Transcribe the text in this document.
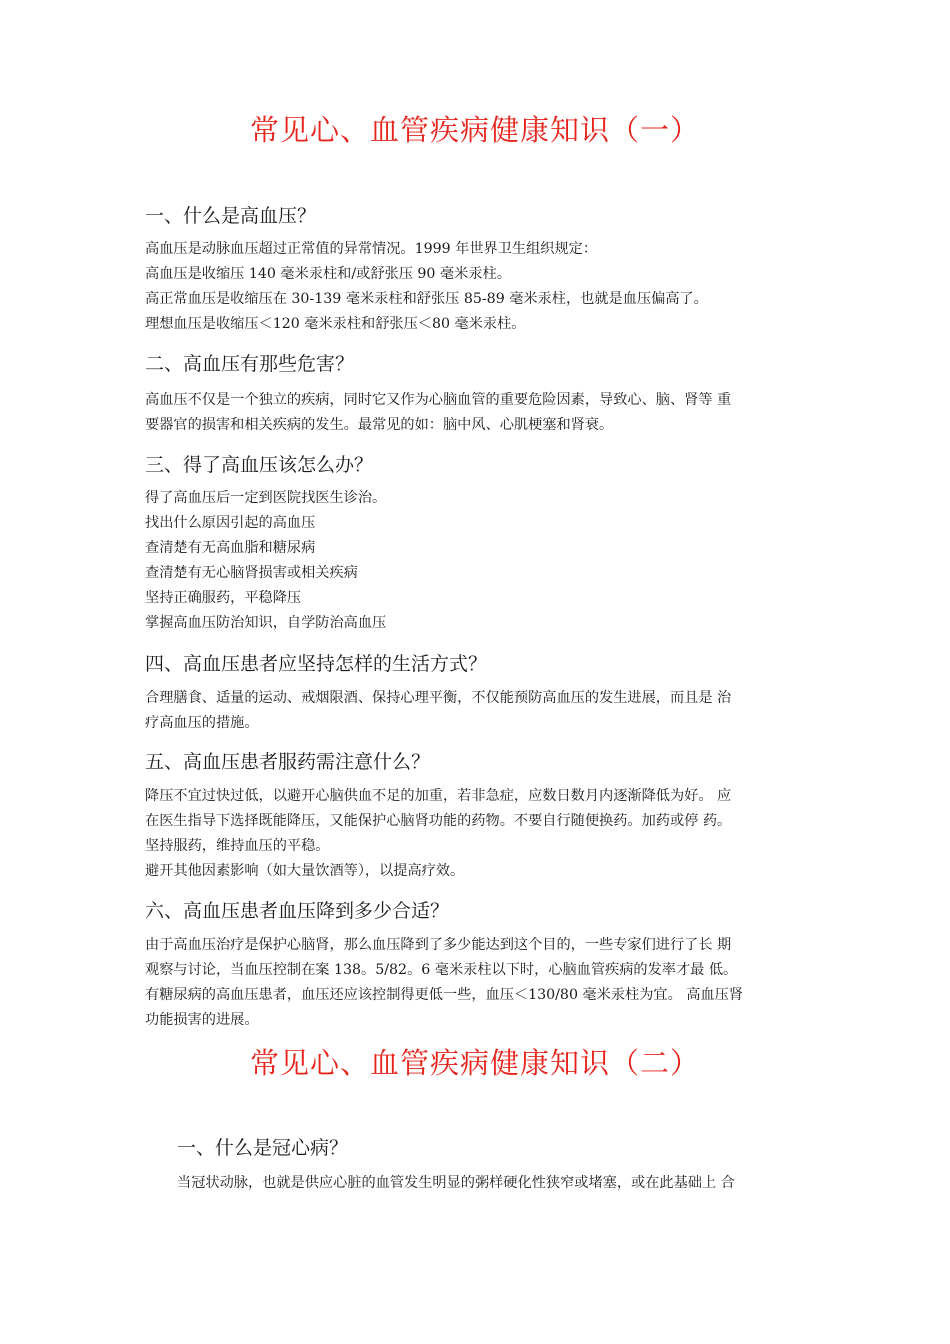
常见心、血管疾病健康知识（一）
一、什么是高血压？
高血压是动脉血压超过正常值的异常情况。1999 年世界卫生组织规定：
高血压是收缩压 140 毫米汞柱和/或舒张压 90 毫米汞柱。
高正常血压是收缩压在 30-139 毫米汞柱和舒张压 85-89 毫米汞柱，也就是血压偏高了。
理想血压是收缩压＜120 毫米汞柱和舒张压＜80 毫米汞柱。
二、高血压有那些危害？
高血压不仅是一个独立的疾病，同时它又作为心脑血管的重要危险因素，导致心、脑、肾等 重
要器官的损害和相关疾病的发生。最常见的如：脑中风、心肌梗塞和肾衰。
三、得了高血压该怎么办？
得了高血压后一定到医院找医生诊治。
找出什么原因引起的高血压
查清楚有无高血脂和糖尿病
查清楚有无心脑肾损害或相关疾病
坚持正确服药，平稳降压
掌握高血压防治知识，自学防治高血压
四、高血压患者应坚持怎样的生活方式？
合理膳食、适量的运动、戒烟限酒、保持心理平衡，不仅能预防高血压的发生进展，而且是 治
疗高血压的措施。
五、高血压患者服药需注意什么？
降压不宜过快过低，以避开心脑供血不足的加重，若非急症，应数日数月内逐渐降低为好。 应
在医生指导下选择既能降压，又能保护心脑肾功能的药物。不要自行随便换药。加药或停 药。
坚持服药，维持血压的平稳。
避开其他因素影响（如大量饮酒等），以提高疗效。
六、高血压患者血压降到多少合适？
由于高血压治疗是保护心脑肾，那么血压降到了多少能达到这个目的，一些专家们进行了长 期
观察与讨论，当血压控制在案 138。5/82。6 毫米汞柱以下时，心脑血管疾病的发率才最 低。
有糖尿病的高血压患者，血压还应该控制得更低一些，血压＜130/80 毫米汞柱为宜。 高血压肾
功能损害的进展。
常见心、血管疾病健康知识（二）
一、什么是冠心病？
当冠状动脉，也就是供应心脏的血管发生明显的粥样硬化性狭窄或堵塞，或在此基础上 合
